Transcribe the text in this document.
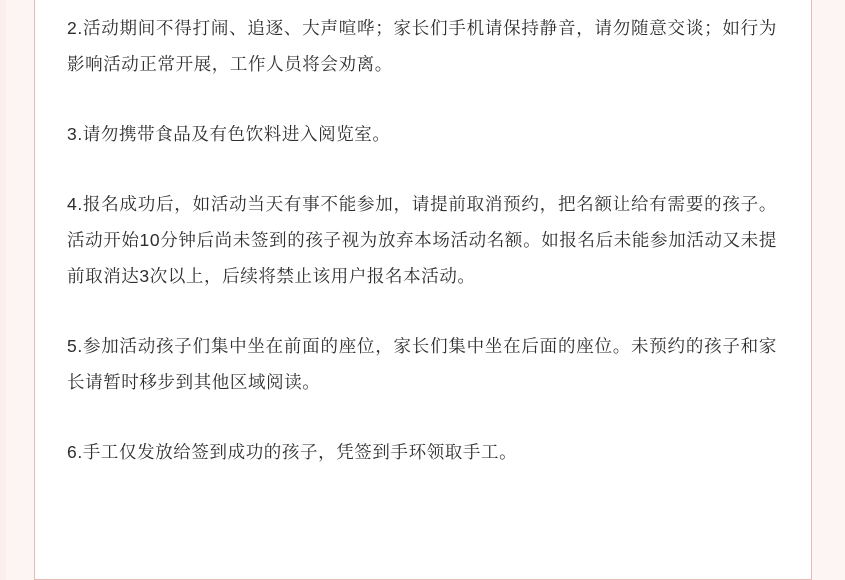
2.活动期间不得打闹、追逐、大声喧哗；家长们手机请保持静音，请勿随意交谈；如行为影响活动正常开展，工作人员将会劝离。

3.请勿携带食品及有色饮料进入阅览室。

4.报名成功后，如活动当天有事不能参加，请提前取消预约，把名额让给有需要的孩子。活动开始10分钟后尚未签到的孩子视为放弃本场活动名额。如报名后未能参加活动又未提前取消达3次以上，后续将禁止该用户报名本活动。

5.参加活动孩子们集中坐在前面的座位，家长们集中坐在后面的座位。未预约的孩子和家长请暂时移步到其他区域阅读。

6.手工仅发放给签到成功的孩子，凭签到手环领取手工。
